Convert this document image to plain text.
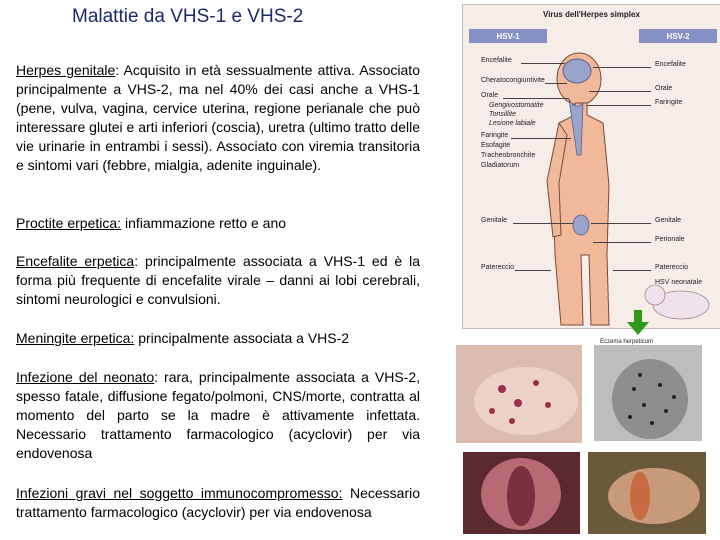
Malattie da VHS-1 e VHS-2
Herpes genitale: Acquisito in età sessualmente attiva. Associato principalmente a VHS-2, ma nel 40% dei casi anche a VHS-1 (pene, vulva, vagina, cervice uterina, regione perianale che può interessare glutei e arti inferiori (coscia), uretra (ultimo tratto delle vie urinarie in entrambi i sessi). Associato con viremia transitoria e sintomi vari (febbre, mialgia, adenite inguinale).
Proctite erpetica: infiammazione retto e ano
Encefalite erpetica: principalmente associata a VHS-1 ed è la forma più frequente di encefalite virale – danni ai lobi cerebrali, sintomi neurologici e convulsioni.
Meningite erpetica: principalmente associata a VHS-2
Infezione del neonato: rara, principalmente associata a VHS-2, spesso fatale, diffusione fegato/polmoni, CNS/morte, contratta al momento del parto se la madre è attivamente infettata. Necessario trattamento farmacologico (acyclovir) per via endovenosa
Infezioni gravi nel soggetto immunocompromesso: Necessario trattamento farmacologico (acyclovir) per via endovenosa
Virus dell'Herpes simplex
HSV-1	HSV-2
Encefalite
Cheratocongiuntivite
Orale
Gengivostomatite
Tonsillite
Lesione labiale
Faringite
Esofagite
Tracheobronchite
Gladiatorum
Genitale
Patereccio
Encefalite
Orale
Faringite
Genitale
Perionale
Patereccio
HSV neonatale
Eczema herpeticum
